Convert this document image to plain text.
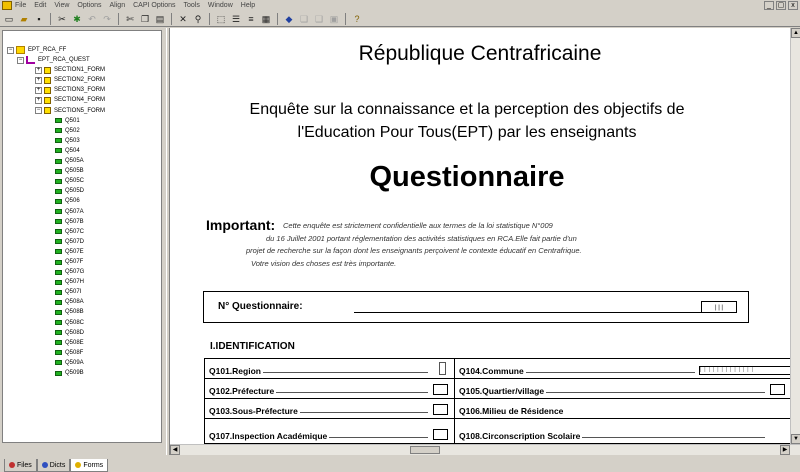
File Edit View Options Align CAPI Options Tools Window Help	_ ▢ x
▭ ▰	▪	✂ ✱ ↶ ↷ ✄ ❐ ▤ ✕ ⚲	⬚ ☰ ≡ ▦ ◆ ❏ ❑ ▣	?
−	EPT_RCA_FF
−	EPT_RCA_QUEST
+ SECTION1_FORM
+ SECTION2_FORM
+ SECTION3_FORM
+ SECTION4_FORM
− SECTION5_FORM
Q501
Q502
Q503
Q504
Q505A
Q505B
Q505C
Q505D
Q506
Q507A
Q507B
Q507C
Q507D
Q507E
Q507F
Q507G
Q507H
Q507I
Q508A
Q508B
Q508C
Q508D
Q508E
Q508F
Q509A
Q509B
Files	Dicts	Forms
République Centrafricaine
Enquête sur la connaissance et la perception des objectifs de
l'Education Pour Tous(EPT) par les enseignants
Questionnaire
Important:	Cette enquête est strictement confidentielle aux termes de la loi statistique N°009
du 16 Juillet 2001 portant réglementation des activités statistiques en RCA.Elle fait partie d'un
projet de recherche sur la façon dont les enseignants perçoivent le contexte éducatif en Centrafrique.
Votre vision des choses est très importante.
N° Questionnaire:	| | |
I.IDENTIFICATION
Q101.Region	Q104.Commune	|||||||||||||
Q102.Préfecture	Q105.Quartier/village
Q103.Sous-Préfecture	Q106.Milieu de Résidence
Q107.Inspection Académique	Q108.Circonscription Scolaire
▲
▼
◀	▶
